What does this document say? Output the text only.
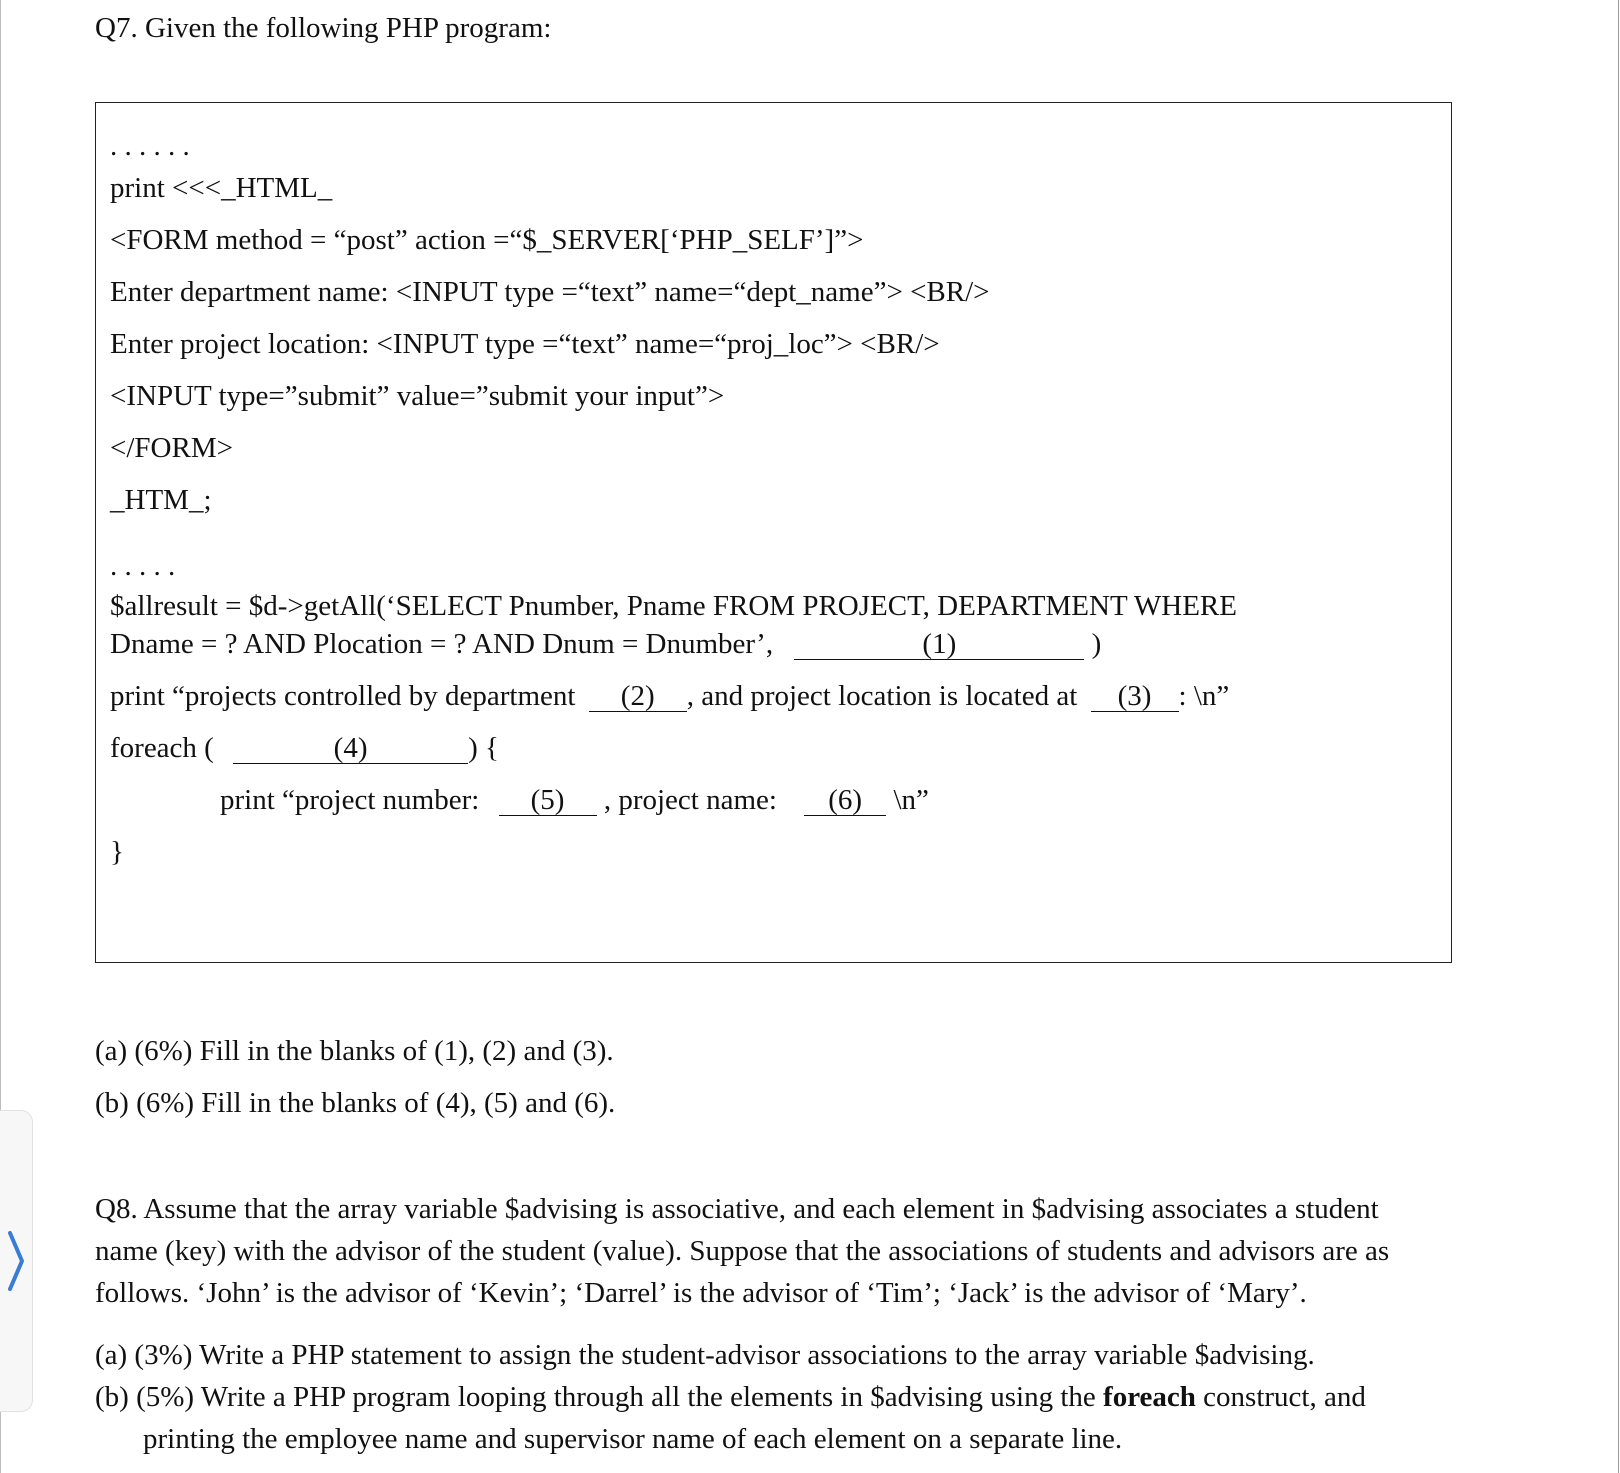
Q7. Given the following PHP program:
. . . . . .
print <<<_HTML_
<FORM method = “post” action =“$_SERVER[‘PHP_SELF’]”>
Enter department name: <INPUT type =“text” name=“dept_name”> <BR/>
Enter project location: <INPUT type =“text” name=“proj_loc”> <BR/>
<INPUT type=”submit” value=”submit your input”>
</FORM>
_HTM_;
. . . . .
$allresult = $d->getAll(‘SELECT Pnumber, Pname FROM PROJECT, DEPARTMENT WHERE
Dname = ? AND Plocation = ? AND Dnum = Dnumber’,	(1)	)
print “projects controlled by department (2) , and project location is located at (3) : \n”
foreach (	(4)	) {
print “project number: (5) , project name: (6) \n”
}
(a) (6%) Fill in the blanks of (1), (2) and (3).
(b) (6%) Fill in the blanks of (4), (5) and (6).
Q8. Assume that the array variable $advising is associative, and each element in $advising associates a student
name (key) with the advisor of the student (value). Suppose that the associations of students and advisors are as
follows. ‘John’ is the advisor of ‘Kevin’; ‘Darrel’ is the advisor of ‘Tim’; ‘Jack’ is the advisor of ‘Mary’.
(a) (3%) Write a PHP statement to assign the student-advisor associations to the array variable $advising.
(b) (5%) Write a PHP program looping through all the elements in $advising using the foreach construct, and
printing the employee name and supervisor name of each element on a separate line.
